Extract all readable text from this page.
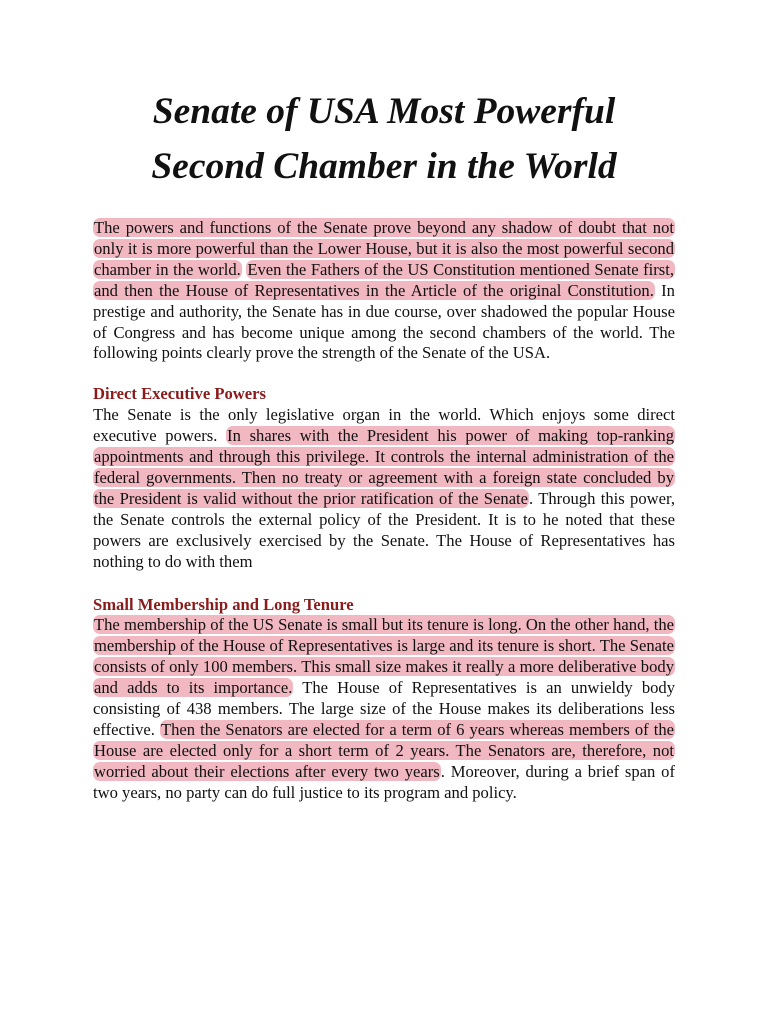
Senate of USA Most Powerful
Second Chamber in the World

The powers and functions of the Senate prove beyond any shadow of doubt that not only it is more powerful than the Lower House, but it is also the most powerful second chamber in the world. Even the Fathers of the US Constitution mentioned Senate first, and then the House of Representatives in the Article of the original Constitution. In prestige and authority, the Senate has in due course, over shadowed the popular House of Congress and has become unique among the second chambers of the world. The following points clearly prove the strength of the Senate of the USA.

Direct Executive Powers

The Senate is the only legislative organ in the world. Which enjoys some direct executive powers. In shares with the President his power of making top-ranking appointments and through this privilege. It controls the internal administration of the federal governments. Then no treaty or agreement with a foreign state concluded by the President is valid without the prior ratification of the Senate. Through this power, the Senate controls the external policy of the President. It is to he noted that these powers are exclusively exercised by the Senate. The House of Representatives has nothing to do with them

Small Membership and Long Tenure

The membership of the US Senate is small but its tenure is long. On the other hand, the membership of the House of Representatives is large and its tenure is short. The Senate consists of only 100 members. This small size makes it really a more deliberative body and adds to its importance. The House of Representatives is an unwieldy body consisting of 438 members. The large size of the House makes its deliberations less effective. Then the Senators are elected for a term of 6 years whereas members of the House are elected only for a short term of 2 years. The Senators are, therefore, not worried about their elections after every two years. Moreover, during a brief span of two years, no party can do full justice to its program and policy.
